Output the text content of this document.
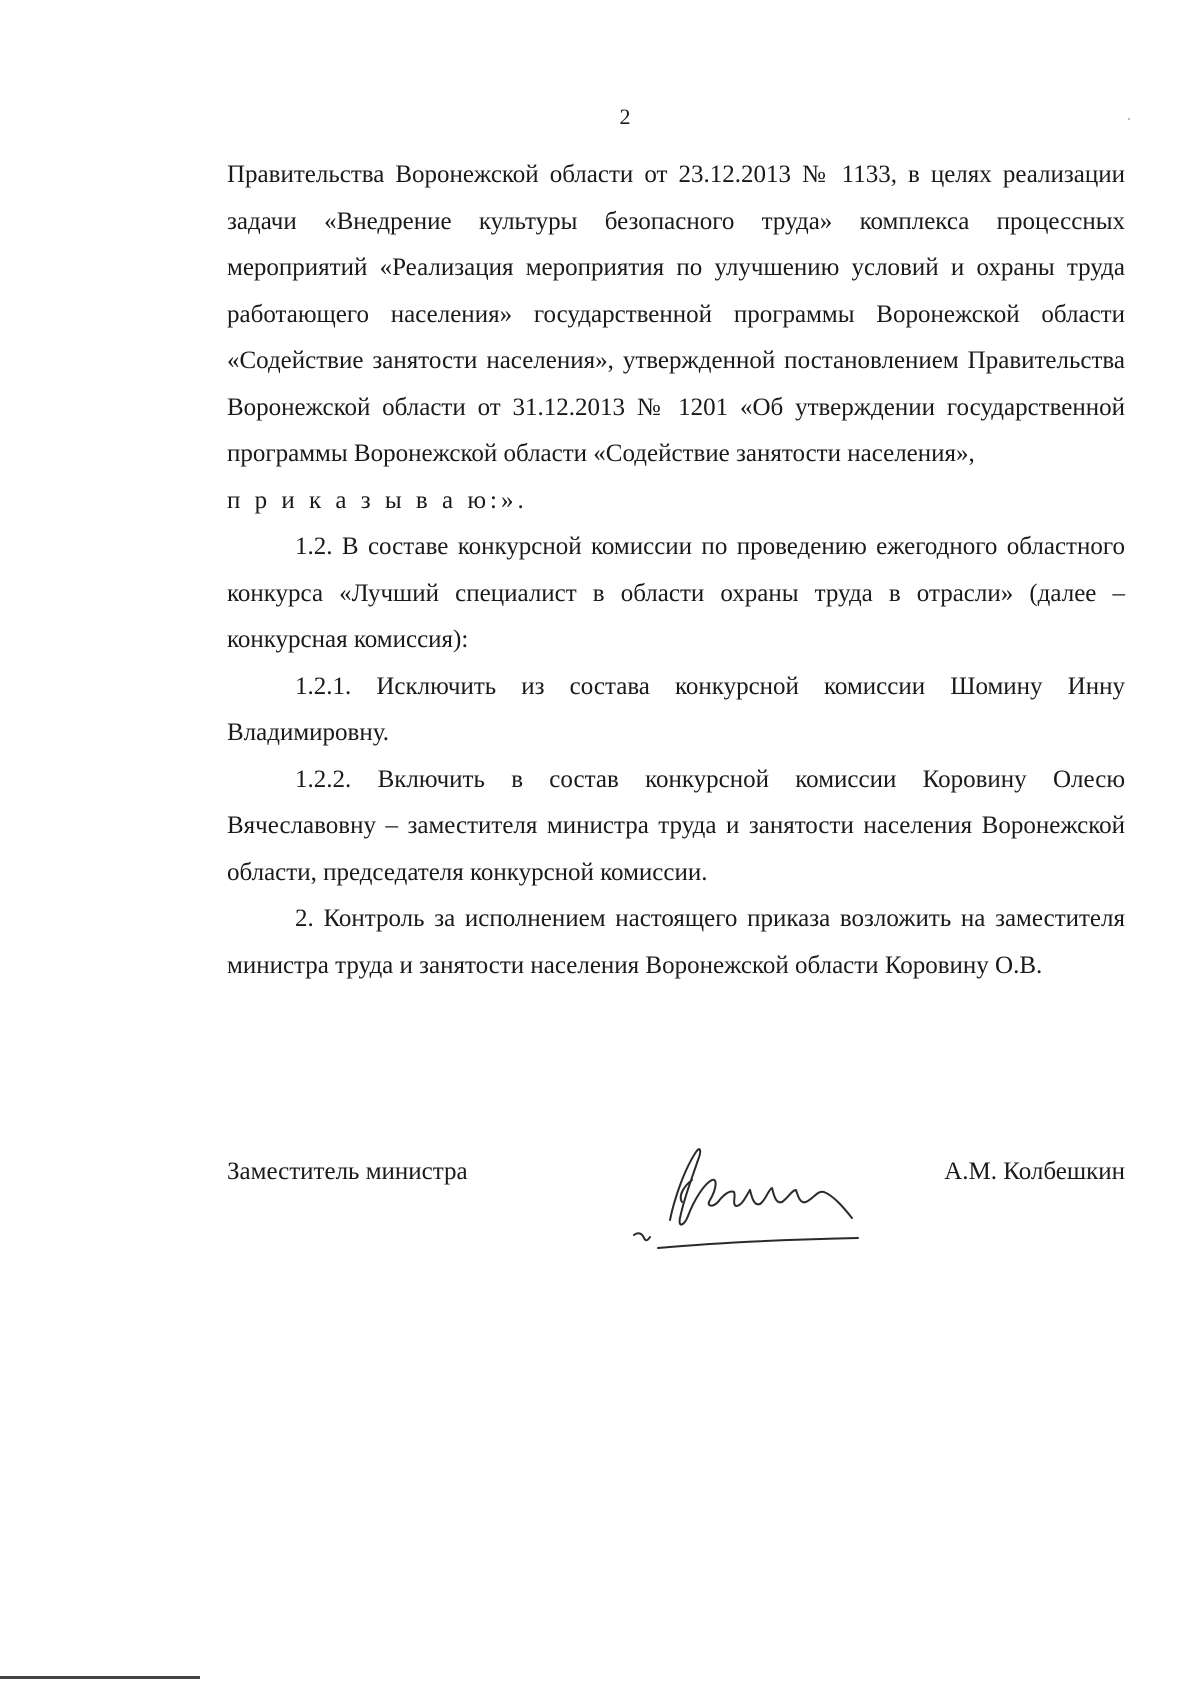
2

Правительства Воронежской области от 23.12.2013 № 1133, в целях реализации задачи «Внедрение культуры безопасного труда» комплекса процессных мероприятий «Реализация мероприятия по улучшению условий и охраны труда работающего населения» государственной программы Воронежской области «Содействие занятости населения», утвержденной постановлением Правительства Воронежской области от 31.12.2013 № 1201 «Об утверждении государственной программы Воронежской области «Содействие занятости населения»,

п р и к а з ы в а ю:».

1.2. В составе конкурсной комиссии по проведению ежегодного областного конкурса «Лучший специалист в области охраны труда в отрасли» (далее – конкурсная комиссия):

1.2.1. Исключить из состава конкурсной комиссии Шомину Инну Владимировну.

1.2.2. Включить в состав конкурсной комиссии Коровину Олесю Вячеславовну – заместителя министра труда и занятости населения Воронежской области, председателя конкурсной комиссии.

2. Контроль за исполнением настоящего приказа возложить на заместителя министра труда и занятости населения Воронежской области Коровину О.В.

Заместитель министра	А.М. Колбешкин
